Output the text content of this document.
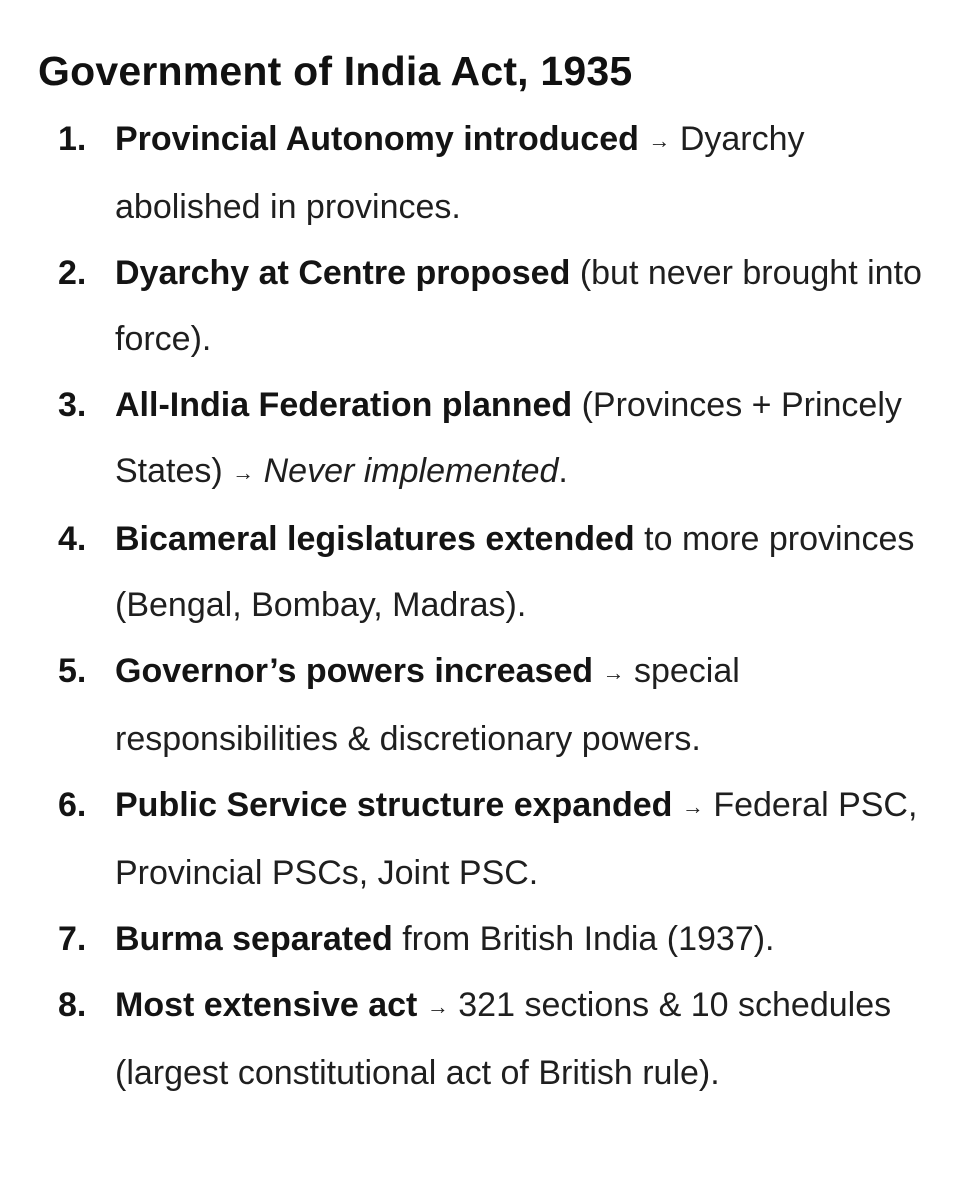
Government of India Act, 1935
1. Provincial Autonomy introduced → Dyarchy abolished in provinces.
2. Dyarchy at Centre proposed (but never brought into force).
3. All-India Federation planned (Provinces + Princely States) → Never implemented.
4. Bicameral legislatures extended to more provinces (Bengal, Bombay, Madras).
5. Governor’s powers increased → special responsibilities & discretionary powers.
6. Public Service structure expanded → Federal PSC, Provincial PSCs, Joint PSC.
7. Burma separated from British India (1937).
8. Most extensive act → 321 sections & 10 schedules (largest constitutional act of British rule).
